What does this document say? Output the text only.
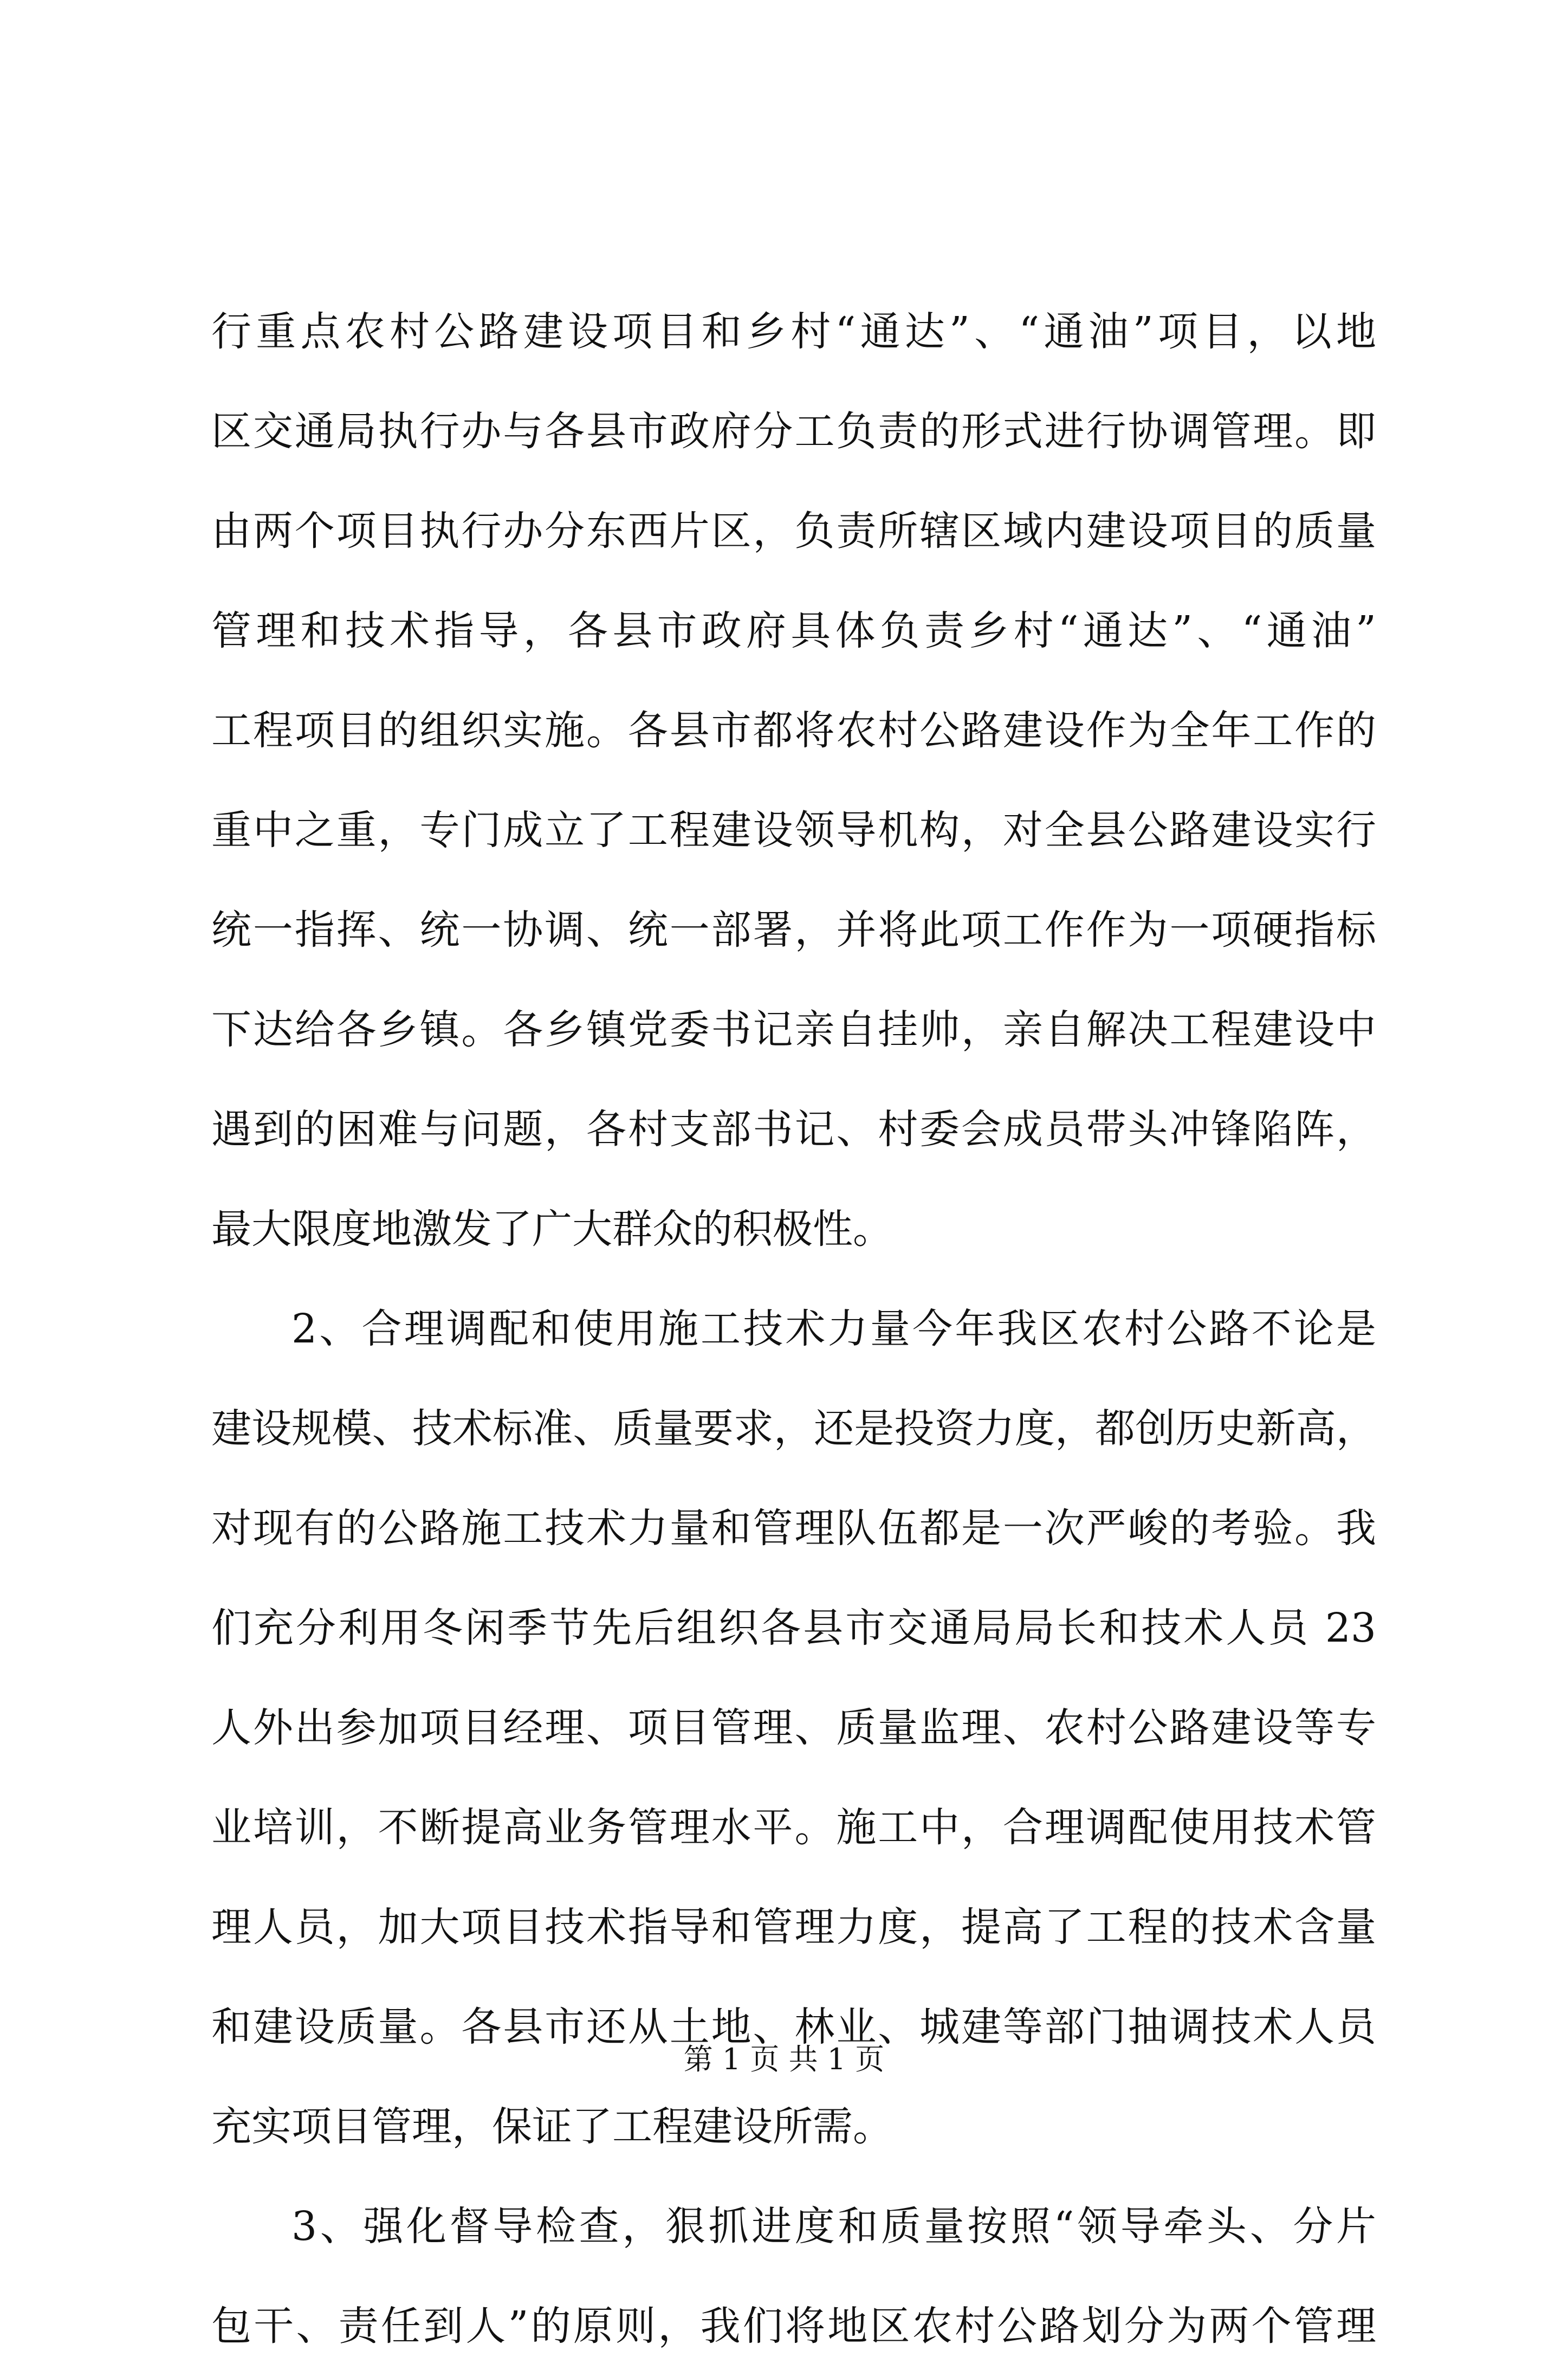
行重点农村公路建设项目和乡村“通达”、“通油”项目，以地
区交通局执行办与各县市政府分工负责的形式进行协调管理。即
由两个项目执行办分东西片区，负责所辖区域内建设项目的质量
管理和技术指导，各县市政府具体负责乡村“通达”、“通油”
工程项目的组织实施。各县市都将农村公路建设作为全年工作的
重中之重，专门成立了工程建设领导机构，对全县公路建设实行
统一指挥、统一协调、统一部署，并将此项工作作为一项硬指标
下达给各乡镇。各乡镇党委书记亲自挂帅，亲自解决工程建设中
遇到的困难与问题，各村支部书记、村委会成员带头冲锋陷阵，
最大限度地激发了广大群众的积极性。
2、合理调配和使用施工技术力量今年我区农村公路不论是
建设规模、技术标准、质量要求，还是投资力度，都创历史新高，
对现有的公路施工技术力量和管理队伍都是一次严峻的考验。我
们充分利用冬闲季节先后组织各县市交通局局长和技术人员 23
人外出参加项目经理、项目管理、质量监理、农村公路建设等专
业培训，不断提高业务管理水平。施工中，合理调配使用技术管
理人员，加大项目技术指导和管理力度，提高了工程的技术含量
和建设质量。各县市还从土地、林业、城建等部门抽调技术人员
充实项目管理，保证了工程建设所需。
3、强化督导检查，狠抓进度和质量按照“领导牵头、分片
包干、责任到人”的原则，我们将地区农村公路划分为两个管理
第 1 页 共 1 页
